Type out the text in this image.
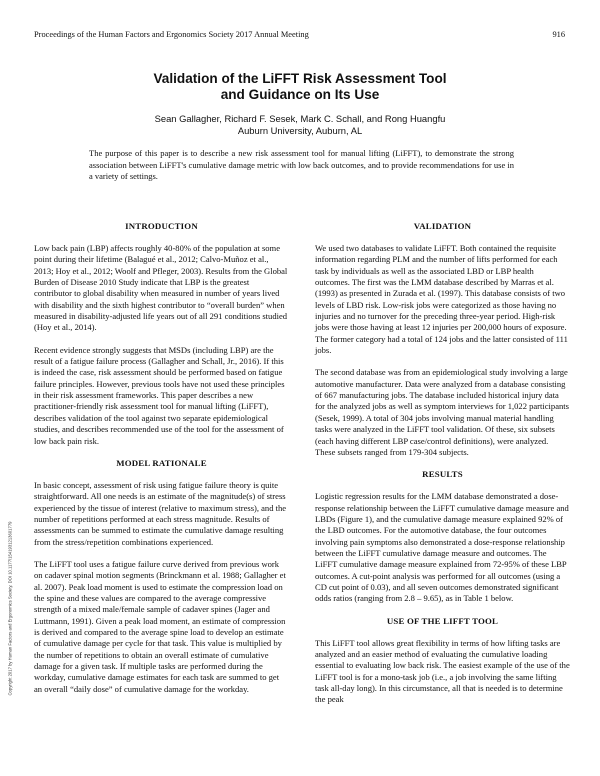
Proceedings of the Human Factors and Ergonomics Society 2017 Annual Meeting	916
Validation of the LiFFT Risk Assessment Tool
and Guidance on Its Use
Sean Gallagher, Richard F. Sesek, Mark C. Schall, and Rong Huangfu
Auburn University, Auburn, AL
The purpose of this paper is to describe a new risk assessment tool for manual lifting (LiFFT), to demonstrate the strong association between LiFFT's cumulative damage metric with low back outcomes, and to provide recommendations for use in a variety of settings.
Copyright 2017 by Human Factors and Ergonomics Society. DOI 10.1177/1541931213601779
INTRODUCTION

Low back pain (LBP) affects roughly 40-80% of the population at some point during their lifetime (Balagué et al., 2012; Calvo-Muñoz et al., 2013; Hoy et al., 2012; Woolf and Pfleger, 2003). Results from the Global Burden of Disease 2010 Study indicate that LBP is the greatest contributor to global disability when measured in number of years lived with disability and the sixth highest contributor to “overall burden” when measured in disability-adjusted life years out of all 291 conditions studied (Hoy et al., 2014).

Recent evidence strongly suggests that MSDs (including LBP) are the result of a fatigue failure process (Gallagher and Schall, Jr., 2016). If this is indeed the case, risk assessment should be performed based on fatigue failure principles. However, previous tools have not used these principles in their risk assessment frameworks. This paper describes a new practitioner-friendly risk assessment tool for manual lifting (LiFFT), describes validation of the tool against two separate epidemiological studies, and describes recommended use of the tool for the assessment of low back pain risk.

MODEL RATIONALE

In basic concept, assessment of risk using fatigue failure theory is quite straightforward. All one needs is an estimate of the magnitude(s) of stress experienced by the tissue of interest (relative to maximum stress), and the number of repetitions performed at each stress magnitude. Results of assessments can be summed to estimate the cumulative damage resulting from the stress/repetition combinations experienced.

The LiFFT tool uses a fatigue failure curve derived from previous work on cadaver spinal motion segments (Brinckmann et al. 1988; Gallagher et al. 2007). Peak load moment is used to estimate the compression load on the spine and these values are compared to the average compressive strength of a mixed male/female sample of cadaver spines (Jager and Luttmann, 1991). Given a peak load moment, an estimate of compression is derived and compared to the average spine load to develop an estimate of cumulative damage per cycle for that task. This value is multiplied by the number of repetitions to obtain an overall estimate of cumulative damage for a given task. If multiple tasks are performed during the workday, cumulative damage estimates for each task are summed to get an overall “daily dose” of cumulative damage for the workday.

VALIDATION

We used two databases to validate LiFFT. Both contained the requisite information regarding PLM and the number of lifts performed for each task by individuals as well as the associated LBD or LBP health outcomes. The first was the LMM database described by Marras et al. (1993) as presented in Zurada et al. (1997). This database consists of two levels of LBD risk. Low-risk jobs were categorized as those having no injuries and no turnover for the preceding three-year period. High-risk jobs were those having at least 12 injuries per 200,000 hours of exposure. The former category had a total of 124 jobs and the latter consisted of 111 jobs.

The second database was from an epidemiological study involving a large automotive manufacturer. Data were analyzed from a database consisting of 667 manufacturing jobs. The database included historical injury data for the analyzed jobs as well as symptom interviews for 1,022 participants (Sesek, 1999). A total of 304 jobs involving manual material handling tasks were analyzed in the LiFFT tool validation. Of these, six subsets (each having different LBP case/control definitions), were analyzed. These subsets ranged from 179-304 subjects.

RESULTS

Logistic regression results for the LMM database demonstrated a dose-response relationship between the LiFFT cumulative damage measure and LBDs (Figure 1), and the cumulative damage measure explained 92% of the LBD outcomes. For the automotive database, the four outcomes involving pain symptoms also demonstrated a dose-response relationship between the LiFFT cumulative damage measure and outcomes. The LiFFT cumulative damage measure explained from 72-95% of these LBP outcomes. A cut-point analysis was performed for all outcomes (using a CD cut point of 0.03), and all seven outcomes demonstrated significant odds ratios (ranging from 2.8 – 9.65), as in Table 1 below.

USE OF THE LIFFT TOOL

This LiFFT tool allows great flexibility in terms of how lifting tasks are analyzed and an easier method of evaluating the cumulative loading essential to evaluating low back risk. The easiest example of the use of the LiFFT tool is for a mono-task job (i.e., a job involving the same lifting task all-day long). In this circumstance, all that is needed is to determine the peak
